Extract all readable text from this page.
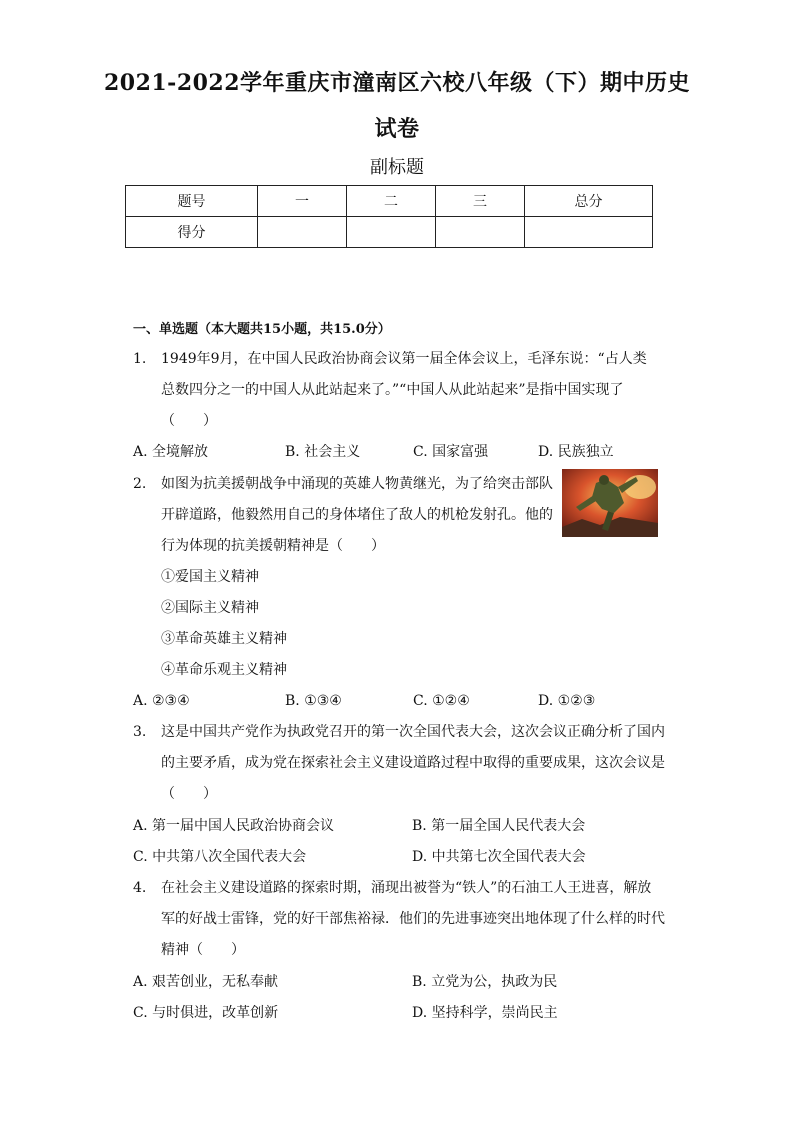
2021-2022学年重庆市潼南区六校八年级（下）期中历史
试卷
副标题
题号	一	二	三	总分
得分				
一、单选题（本大题共15小题，共15.0分）
1.	1949年9月，在中国人民政治协商会议第一届全体会议上，毛泽东说：“占人类
总数四分之一的中国人从此站起来了。”“中国人从此站起来”是指中国实现了
（　　）
A. 全境解放	B. 社会主义	C. 国家富强	D. 民族独立
2.	如图为抗美援朝战争中涌现的英雄人物黄继光，为了给突击部队
开辟道路，他毅然用自己的身体堵住了敌人的机枪发射孔。他的
行为体现的抗美援朝精神是（　　）
①爱国主义精神
②国际主义精神
③革命英雄主义精神
④革命乐观主义精神
A. ②③④	B. ①③④	C. ①②④	D. ①②③
3.	这是中国共产党作为执政党召开的第一次全国代表大会，这次会议正确分析了国内
的主要矛盾，成为党在探索社会主义建设道路过程中取得的重要成果，这次会议是
（　　）
A. 第一届中国人民政治协商会议	B. 第一届全国人民代表大会
C. 中共第八次全国代表大会	D. 中共第七次全国代表大会
4.	在社会主义建设道路的探索时期，涌现出被誉为“铁人”的石油工人王进喜，解放
军的好战士雷锋，党的好干部焦裕禄．他们的先进事迹突出地体现了什么样的时代
精神（　　）
A. 艰苦创业，无私奉献	B. 立党为公，执政为民
C. 与时俱进，改革创新	D. 坚持科学，崇尚民主
